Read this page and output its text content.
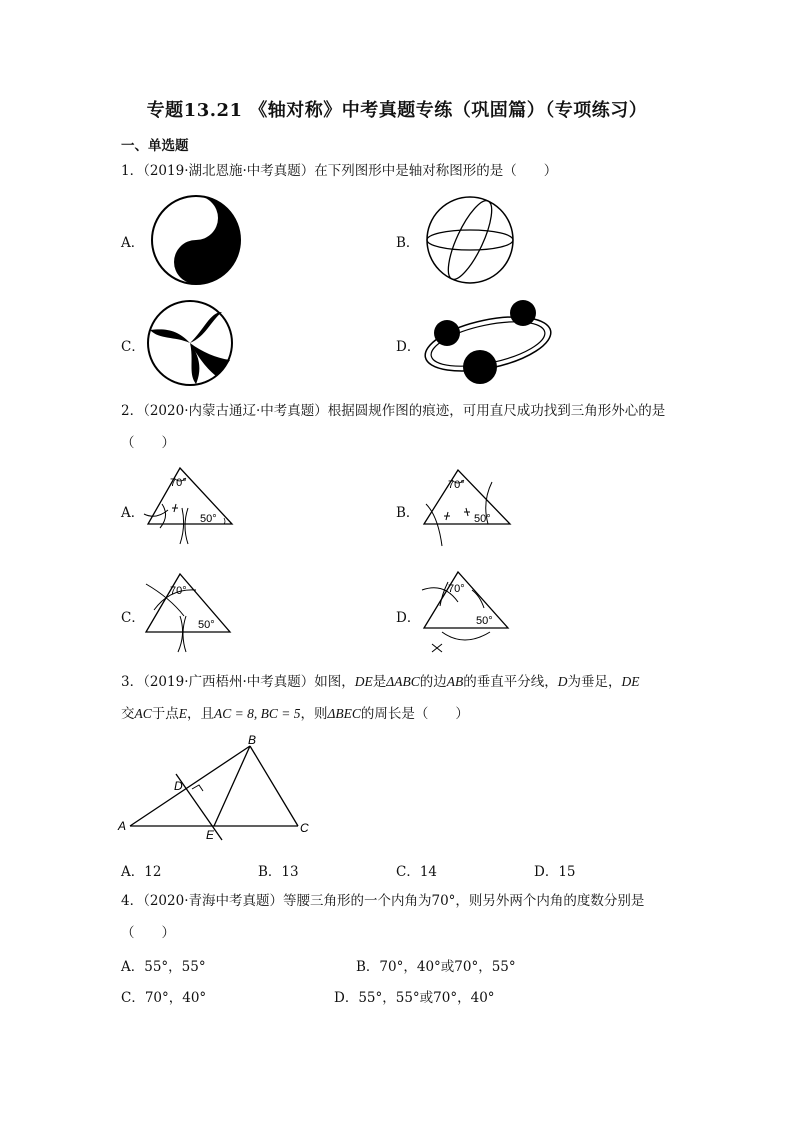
专题13.21 《轴对称》中考真题专练（巩固篇）（专项练习）
一、单选题
1．（2019·湖北恩施·中考真题）在下列图形中是轴对称图形的是（　　）
A．	B．
C．	D．
2．（2020·内蒙古通辽·中考真题）根据圆规作图的痕迹，可用直尺成功找到三角形外心的是
（　　）
A．
70°
50°	B．
70°
50°
C．
70°
50°	D．
70°
50°
3．（2019·广西梧州·中考真题）如图，DE是ΔABC的边AB的垂直平分线，D为垂足，DE
交AC于点E，且AC = 8, BC = 5，则ΔBEC的周长是（　　）
A
B
C
D
E
A．12	B．13	C．14	D．15
4．（2020·青海中考真题）等腰三角形的一个内角为70°，则另外两个内角的度数分别是
（　　）
A．55°，55°	B．70°，40°或70°，55°
C．70°，40°	D．55°，55°或70°，40°
